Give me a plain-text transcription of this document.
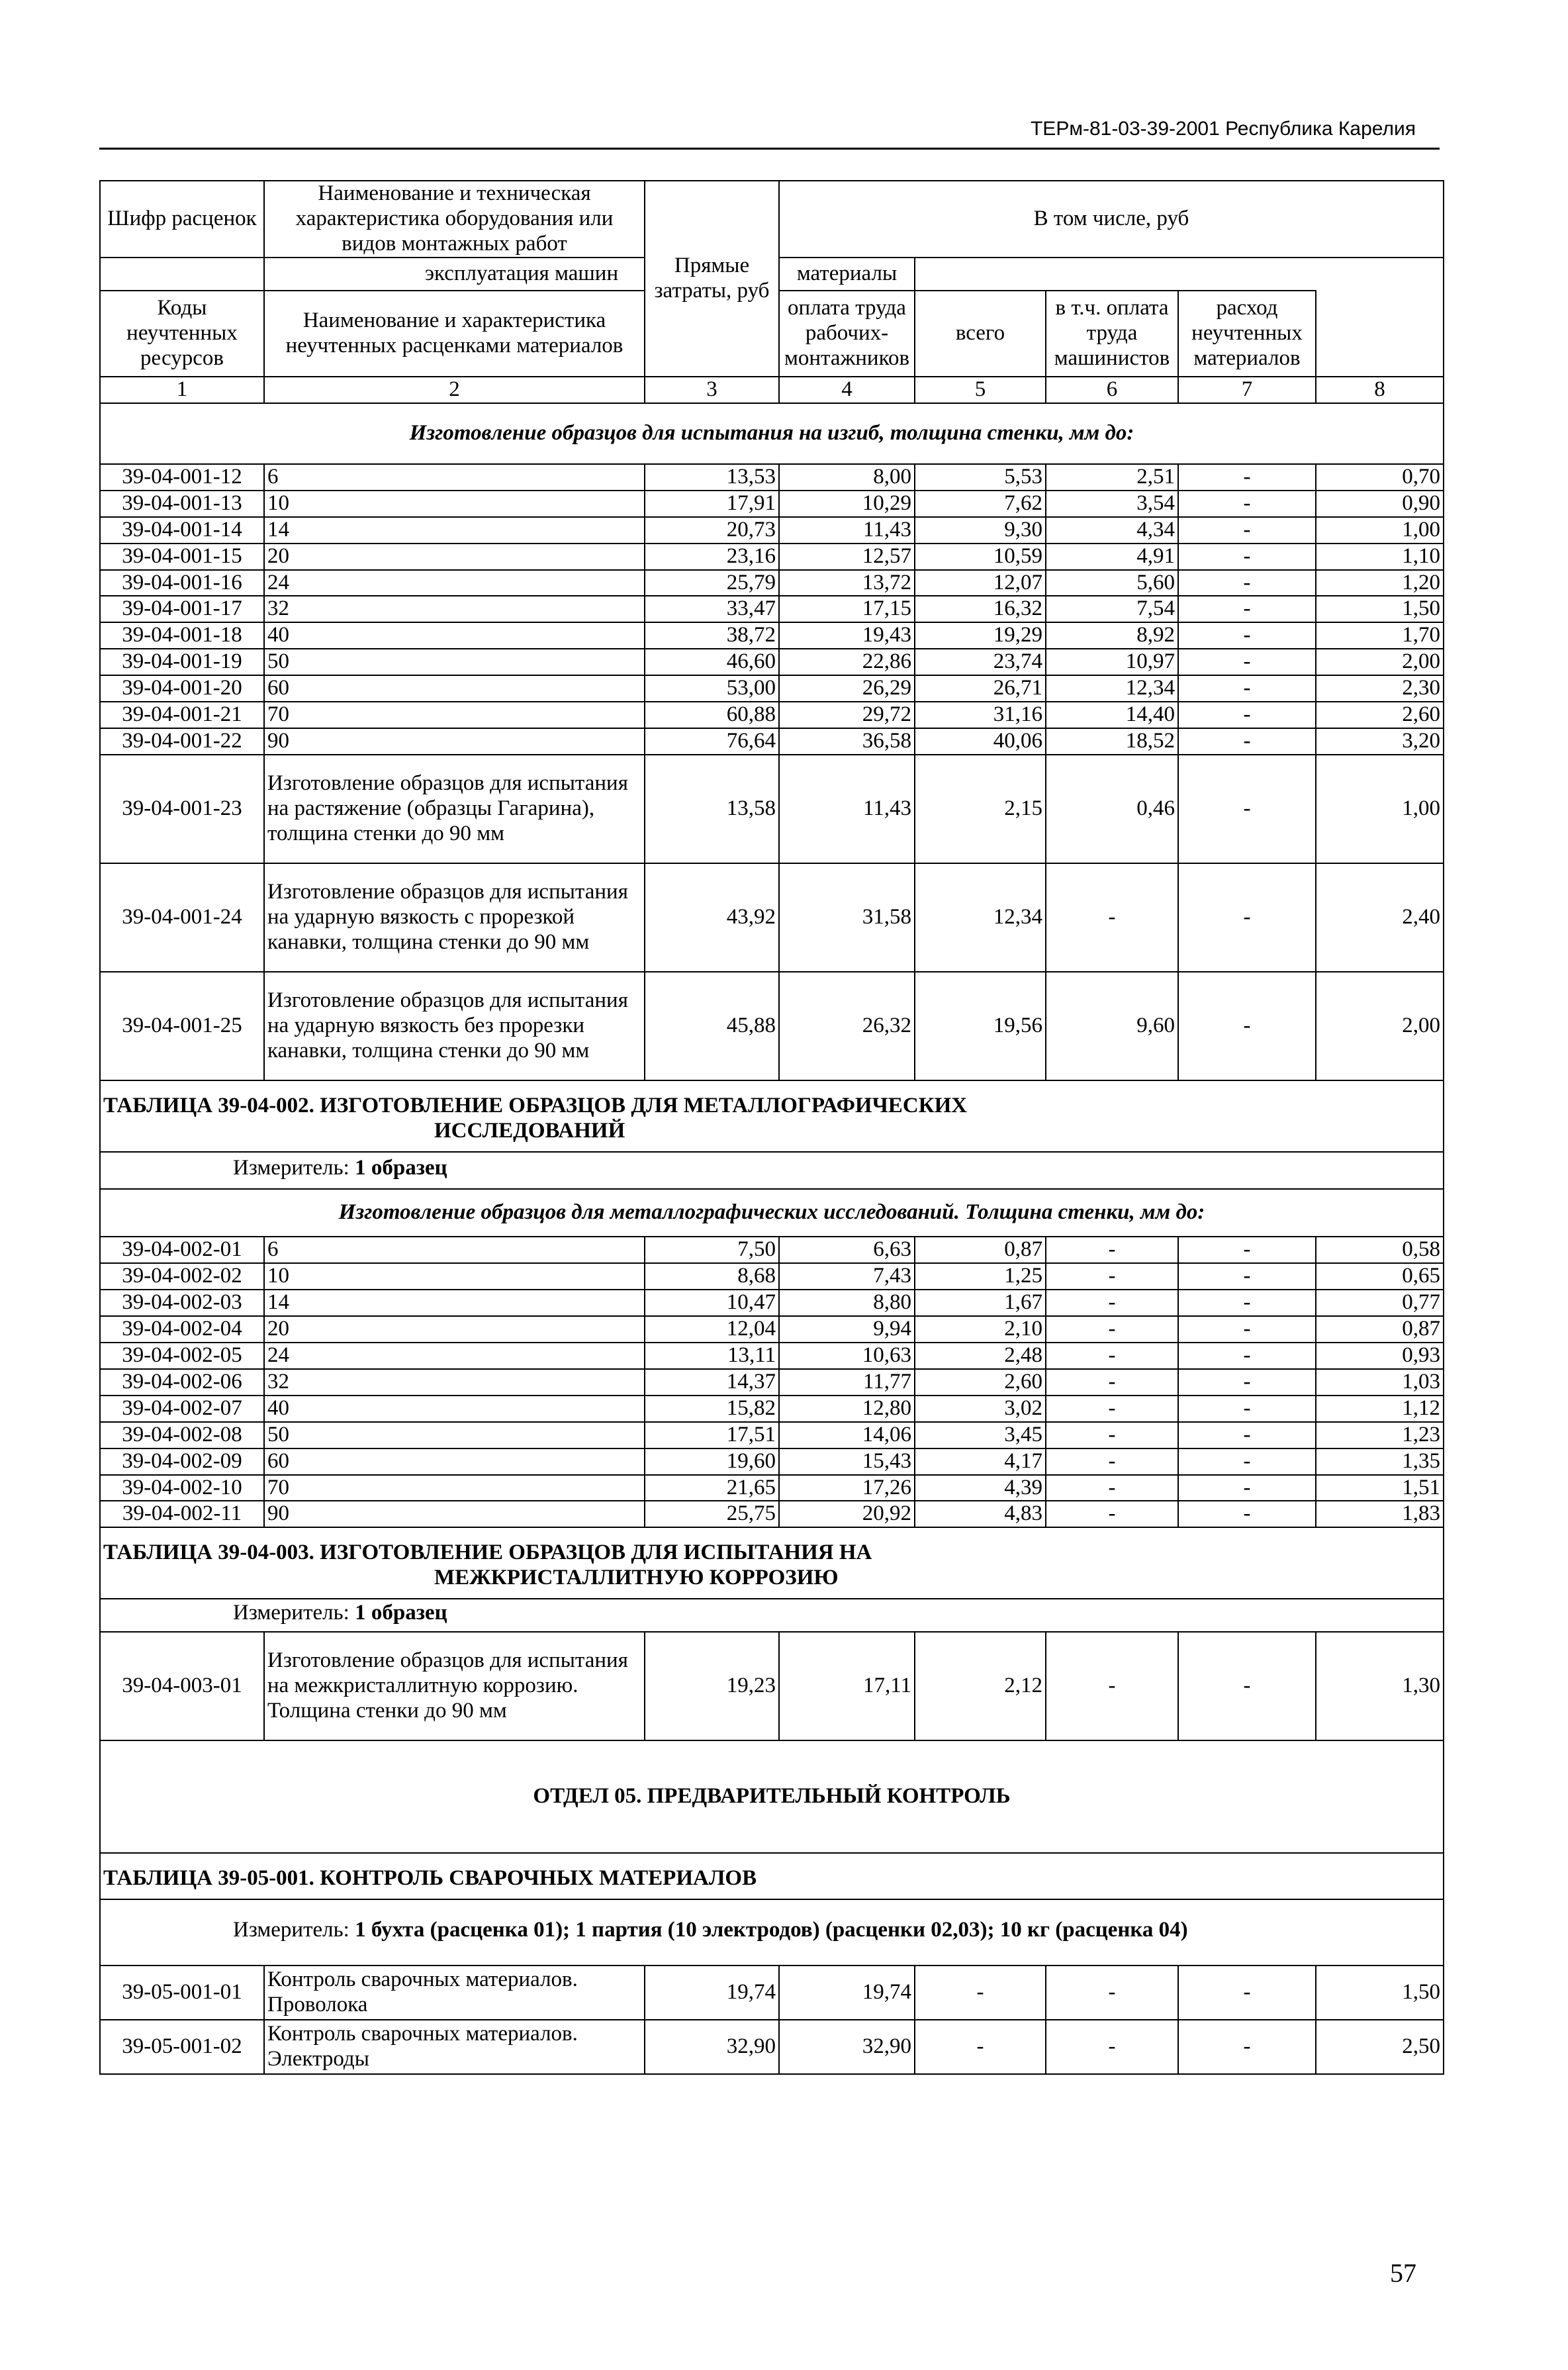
ТЕРм-81-03-39-2001 Республика Карелия
Шифр расценок	Наименование и техническая характеристика оборудования или видов монтажных работ	Прямые затраты, руб	В том числе, руб	
	эксплуатация машин		материалы					
Коды неучтенных ресурсов	Наименование и характеристика неучтенных расценками материалов		оплата труда рабочих-монтажников	всего	в т.ч. оплата труда машинистов	расход неучтенных материалов		
1	2	3	4	5	6	7	8	
Изготовление образцов для испытания на изгиб, толщина стенки, мм до:								
39-04-001-12	6	13,53	8,00	5,53	2,51	-	0,70	
39-04-001-13	10	17,91	10,29	7,62	3,54	-	0,90	
39-04-001-14	14	20,73	11,43	9,30	4,34	-	1,00	
39-04-001-15	20	23,16	12,57	10,59	4,91	-	1,10	
39-04-001-16	24	25,79	13,72	12,07	5,60	-	1,20	
39-04-001-17	32	33,47	17,15	16,32	7,54	-	1,50	
39-04-001-18	40	38,72	19,43	19,29	8,92	-	1,70	
39-04-001-19	50	46,60	22,86	23,74	10,97	-	2,00	
39-04-001-20	60	53,00	26,29	26,71	12,34	-	2,30	
39-04-001-21	70	60,88	29,72	31,16	14,40	-	2,60	
39-04-001-22	90	76,64	36,58	40,06	18,52	-	3,20	
39-04-001-23	Изготовление образцов для испытания на растяжение (образцы Гагарина), толщина стенки до 90 мм	13,58	11,43	2,15	0,46	-	1,00	
39-04-001-24	Изготовление образцов для испытания на ударную вязкость с прорезкой канавки, толщина стенки до 90 мм	43,92	31,58	12,34	-	-	2,40	
39-04-001-25	Изготовление образцов для испытания на ударную вязкость без прорезки канавки, толщина стенки до 90 мм	45,88	26,32	19,56	9,60	-	2,00	

ТАБЛИЦА 39-04-002. ИЗГОТОВЛЕНИЕ ОБРАЗЦОВ ДЛЯ МЕТАЛЛОГРАФИЧЕСКИХ
ИССЛЕДОВАНИЙ								

Измеритель: 1 образец								
Изготовление образцов для металлографических исследований. Толщина стенки, мм до:								
39-04-002-01	6	7,50	6,63	0,87	-	-	0,58	
39-04-002-02	10	8,68	7,43	1,25	-	-	0,65	
39-04-002-03	14	10,47	8,80	1,67	-	-	0,77	
39-04-002-04	20	12,04	9,94	2,10	-	-	0,87	
39-04-002-05	24	13,11	10,63	2,48	-	-	0,93	
39-04-002-06	32	14,37	11,77	2,60	-	-	1,03	
39-04-002-07	40	15,82	12,80	3,02	-	-	1,12	
39-04-002-08	50	17,51	14,06	3,45	-	-	1,23	
39-04-002-09	60	19,60	15,43	4,17	-	-	1,35	
39-04-002-10	70	21,65	17,26	4,39	-	-	1,51	
39-04-002-11	90	25,75	20,92	4,83	-	-	1,83	

ТАБЛИЦА 39-04-003. ИЗГОТОВЛЕНИЕ ОБРАЗЦОВ ДЛЯ ИСПЫТАНИЯ НА
МЕЖКРИСТАЛЛИТНУЮ КОРРОЗИЮ								

Измеритель: 1 образец								
39-04-003-01	Изготовление образцов для испытания на межкристаллитную коррозию. Толщина стенки до 90 мм	19,23	17,11	2,12	-	-	1,30	
ОТДЕЛ 05. ПРЕДВАРИТЕЛЬНЫЙ КОНТРОЛЬ								

ТАБЛИЦА 39-05-001. КОНТРОЛЬ СВАРОЧНЫХ МАТЕРИАЛОВ								

Измеритель: 1 бухта (расценка 01); 1 партия (10 электродов) (расценки 02,03); 10 кг (расценка 04)								
39-05-001-01	Контроль сварочных материалов. Проволока	19,74	19,74	-	-	-	1,50	
39-05-001-02	Контроль сварочных материалов. Электроды	32,90	32,90	-	-	-	2,50	
57
